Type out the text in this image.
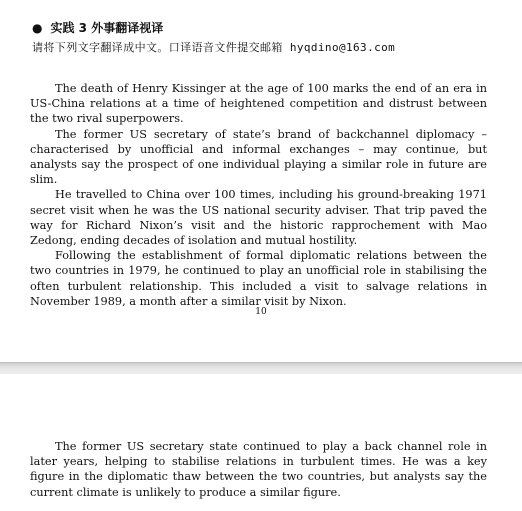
● 实践 3 外事翻译视译
请将下列文字翻译成中文。口译语音文件提交邮箱 hyqdino@163.com

The death of Henry Kissinger at the age of 100 marks the end of an era in US-China relations at a time of heightened competition and distrust between the two rival superpowers.

The former US secretary of state’s brand of backchannel diplomacy – characterised by unofficial and informal exchanges – may continue, but analysts say the prospect of one individual playing a similar role in future are slim.

He travelled to China over 100 times, including his ground-breaking 1971 secret visit when he was the US national security adviser. That trip paved the way for Richard Nixon’s visit and the historic rapprochement with Mao Zedong, ending decades of isolation and mutual hostility.

Following the establishment of formal diplomatic relations between the two countries in 1979, he continued to play an unofficial role in stabilising the often turbulent relationship. This included a visit to salvage relations in November 1989, a month after a similar visit by Nixon.

10

The former US secretary state continued to play a back channel role in later years, helping to stabilise relations in turbulent times. He was a key figure in the diplomatic thaw between the two countries, but analysts say the current climate is unlikely to produce a similar figure.
